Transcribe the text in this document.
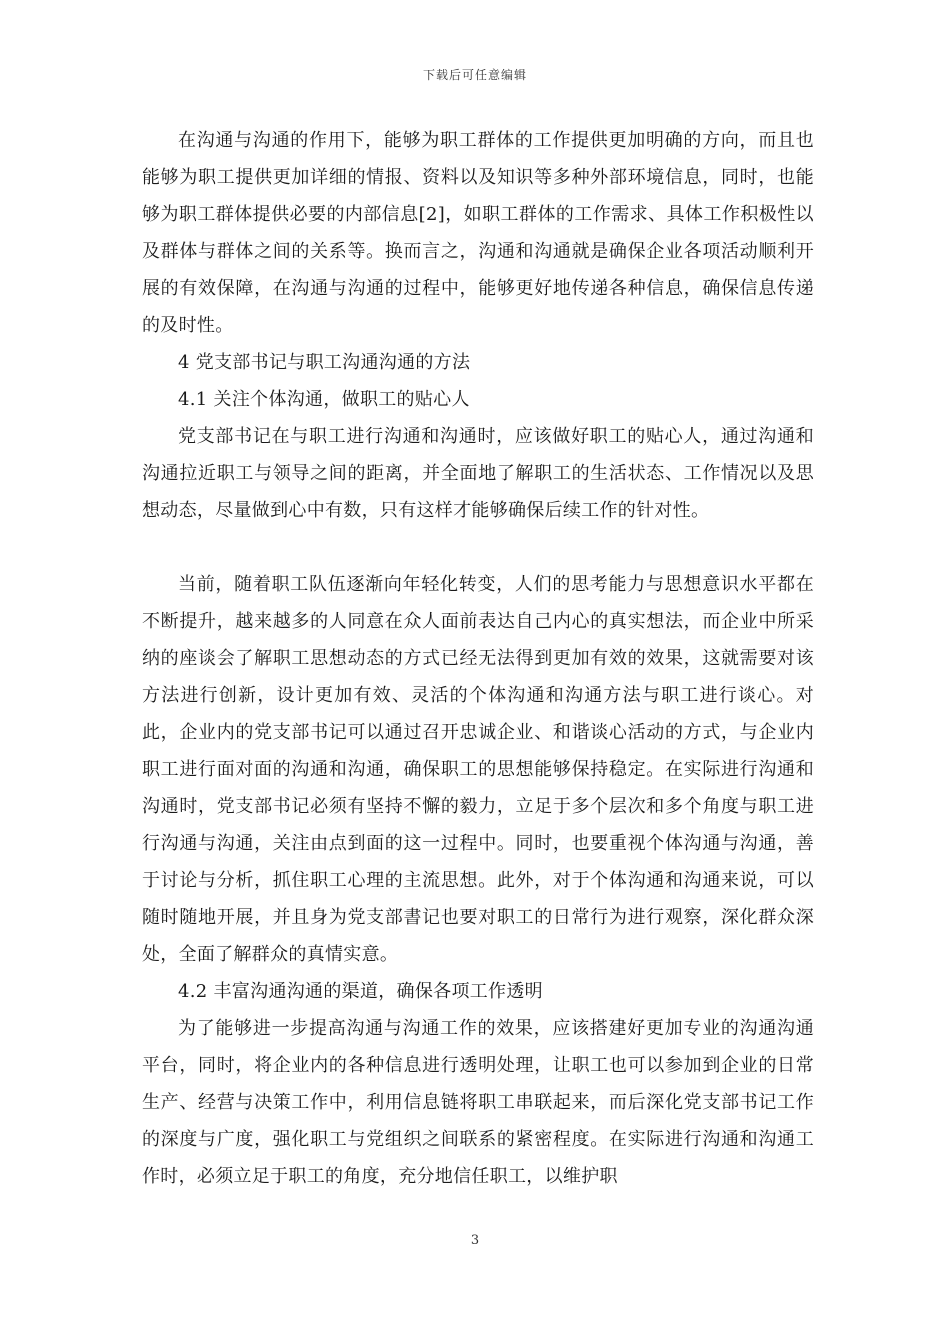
下载后可任意编辑

在沟通与沟通的作用下，能够为职工群体的工作提供更加明确的方向，而且也能够为职工提供更加详细的情报、资料以及知识等多种外部环境信息，同时，也能够为职工群体提供必要的内部信息[2]，如职工群体的工作需求、具体工作积极性以及群体与群体之间的关系等。换而言之，沟通和沟通就是确保企业各项活动顺利开展的有效保障，在沟通与沟通的过程中，能够更好地传递各种信息，确保信息传递的及时性。

4 党支部书记与职工沟通沟通的方法

4.1 关注个体沟通，做职工的贴心人

党支部书记在与职工进行沟通和沟通时，应该做好职工的贴心人，通过沟通和沟通拉近职工与领导之间的距离，并全面地了解职工的生活状态、工作情况以及思想动态，尽量做到心中有数，只有这样才能够确保后续工作的针对性。

当前，随着职工队伍逐渐向年轻化转变，人们的思考能力与思想意识水平都在不断提升，越来越多的人同意在众人面前表达自己内心的真实想法，而企业中所采纳的座谈会了解职工思想动态的方式已经无法得到更加有效的效果，这就需要对该方法进行创新，设计更加有效、灵活的个体沟通和沟通方法与职工进行谈心。对此，企业内的党支部书记可以通过召开忠诚企业、和谐谈心活动的方式，与企业内职工进行面对面的沟通和沟通，确保职工的思想能够保持稳定。在实际进行沟通和沟通时，党支部书记必须有坚持不懈的毅力，立足于多个层次和多个角度与职工进行沟通与沟通，关注由点到面的这一过程中。同时，也要重视个体沟通与沟通，善于讨论与分析，抓住职工心理的主流思想。此外，对于个体沟通和沟通来说，可以随时随地开展，并且身为党支部書记也要对职工的日常行为进行观察，深化群众深处，全面了解群众的真情实意。

4.2 丰富沟通沟通的渠道，确保各项工作透明

为了能够进一步提高沟通与沟通工作的效果，应该搭建好更加专业的沟通沟通平台，同时，将企业内的各种信息进行透明处理，让职工也可以参加到企业的日常生产、经营与决策工作中，利用信息链将职工串联起来，而后深化党支部书记工作的深度与广度，强化职工与党组织之间联系的紧密程度。在实际进行沟通和沟通工作时，必须立足于职工的角度，充分地信任职工，以维护职

3
